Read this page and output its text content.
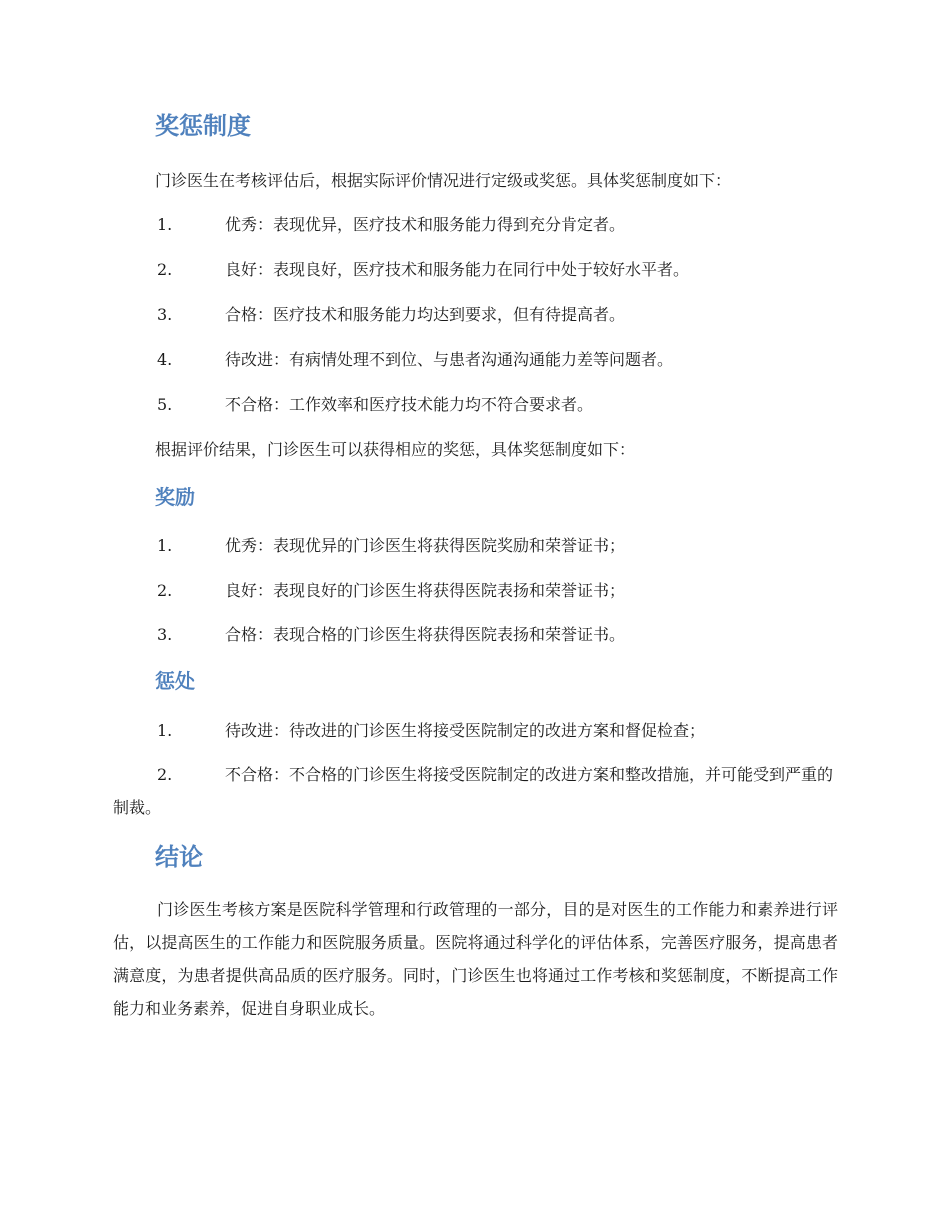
奖惩制度

门诊医生在考核评估后，根据实际评价情况进行定级或奖惩。具体奖惩制度如下：

1.	优秀：表现优异，医疗技术和服务能力得到充分肯定者。
2.	良好：表现良好，医疗技术和服务能力在同行中处于较好水平者。
3.	合格：医疗技术和服务能力均达到要求，但有待提高者。
4.	待改进：有病情处理不到位、与患者沟通沟通能力差等问题者。
5.	不合格：工作效率和医疗技术能力均不符合要求者。

根据评价结果，门诊医生可以获得相应的奖惩，具体奖惩制度如下：

奖励
1.	优秀：表现优异的门诊医生将获得医院奖励和荣誉证书；
2.	良好：表现良好的门诊医生将获得医院表扬和荣誉证书；
3.	合格：表现合格的门诊医生将获得医院表扬和荣誉证书。
惩处
1.	待改进：待改进的门诊医生将接受医院制定的改进方案和督促检查；

2.	不合格：不合格的门诊医生将接受医院制定的改进方案和整改措施，并可能受到严重的制裁。

结论

门诊医生考核方案是医院科学管理和行政管理的一部分，目的是对医生的工作能力和素养进行评估，以提高医生的工作能力和医院服务质量。医院将通过科学化的评估体系，完善医疗服务，提高患者满意度，为患者提供高品质的医疗服务。同时，门诊医生也将通过工作考核和奖惩制度，不断提高工作能力和业务素养，促进自身职业成长。
